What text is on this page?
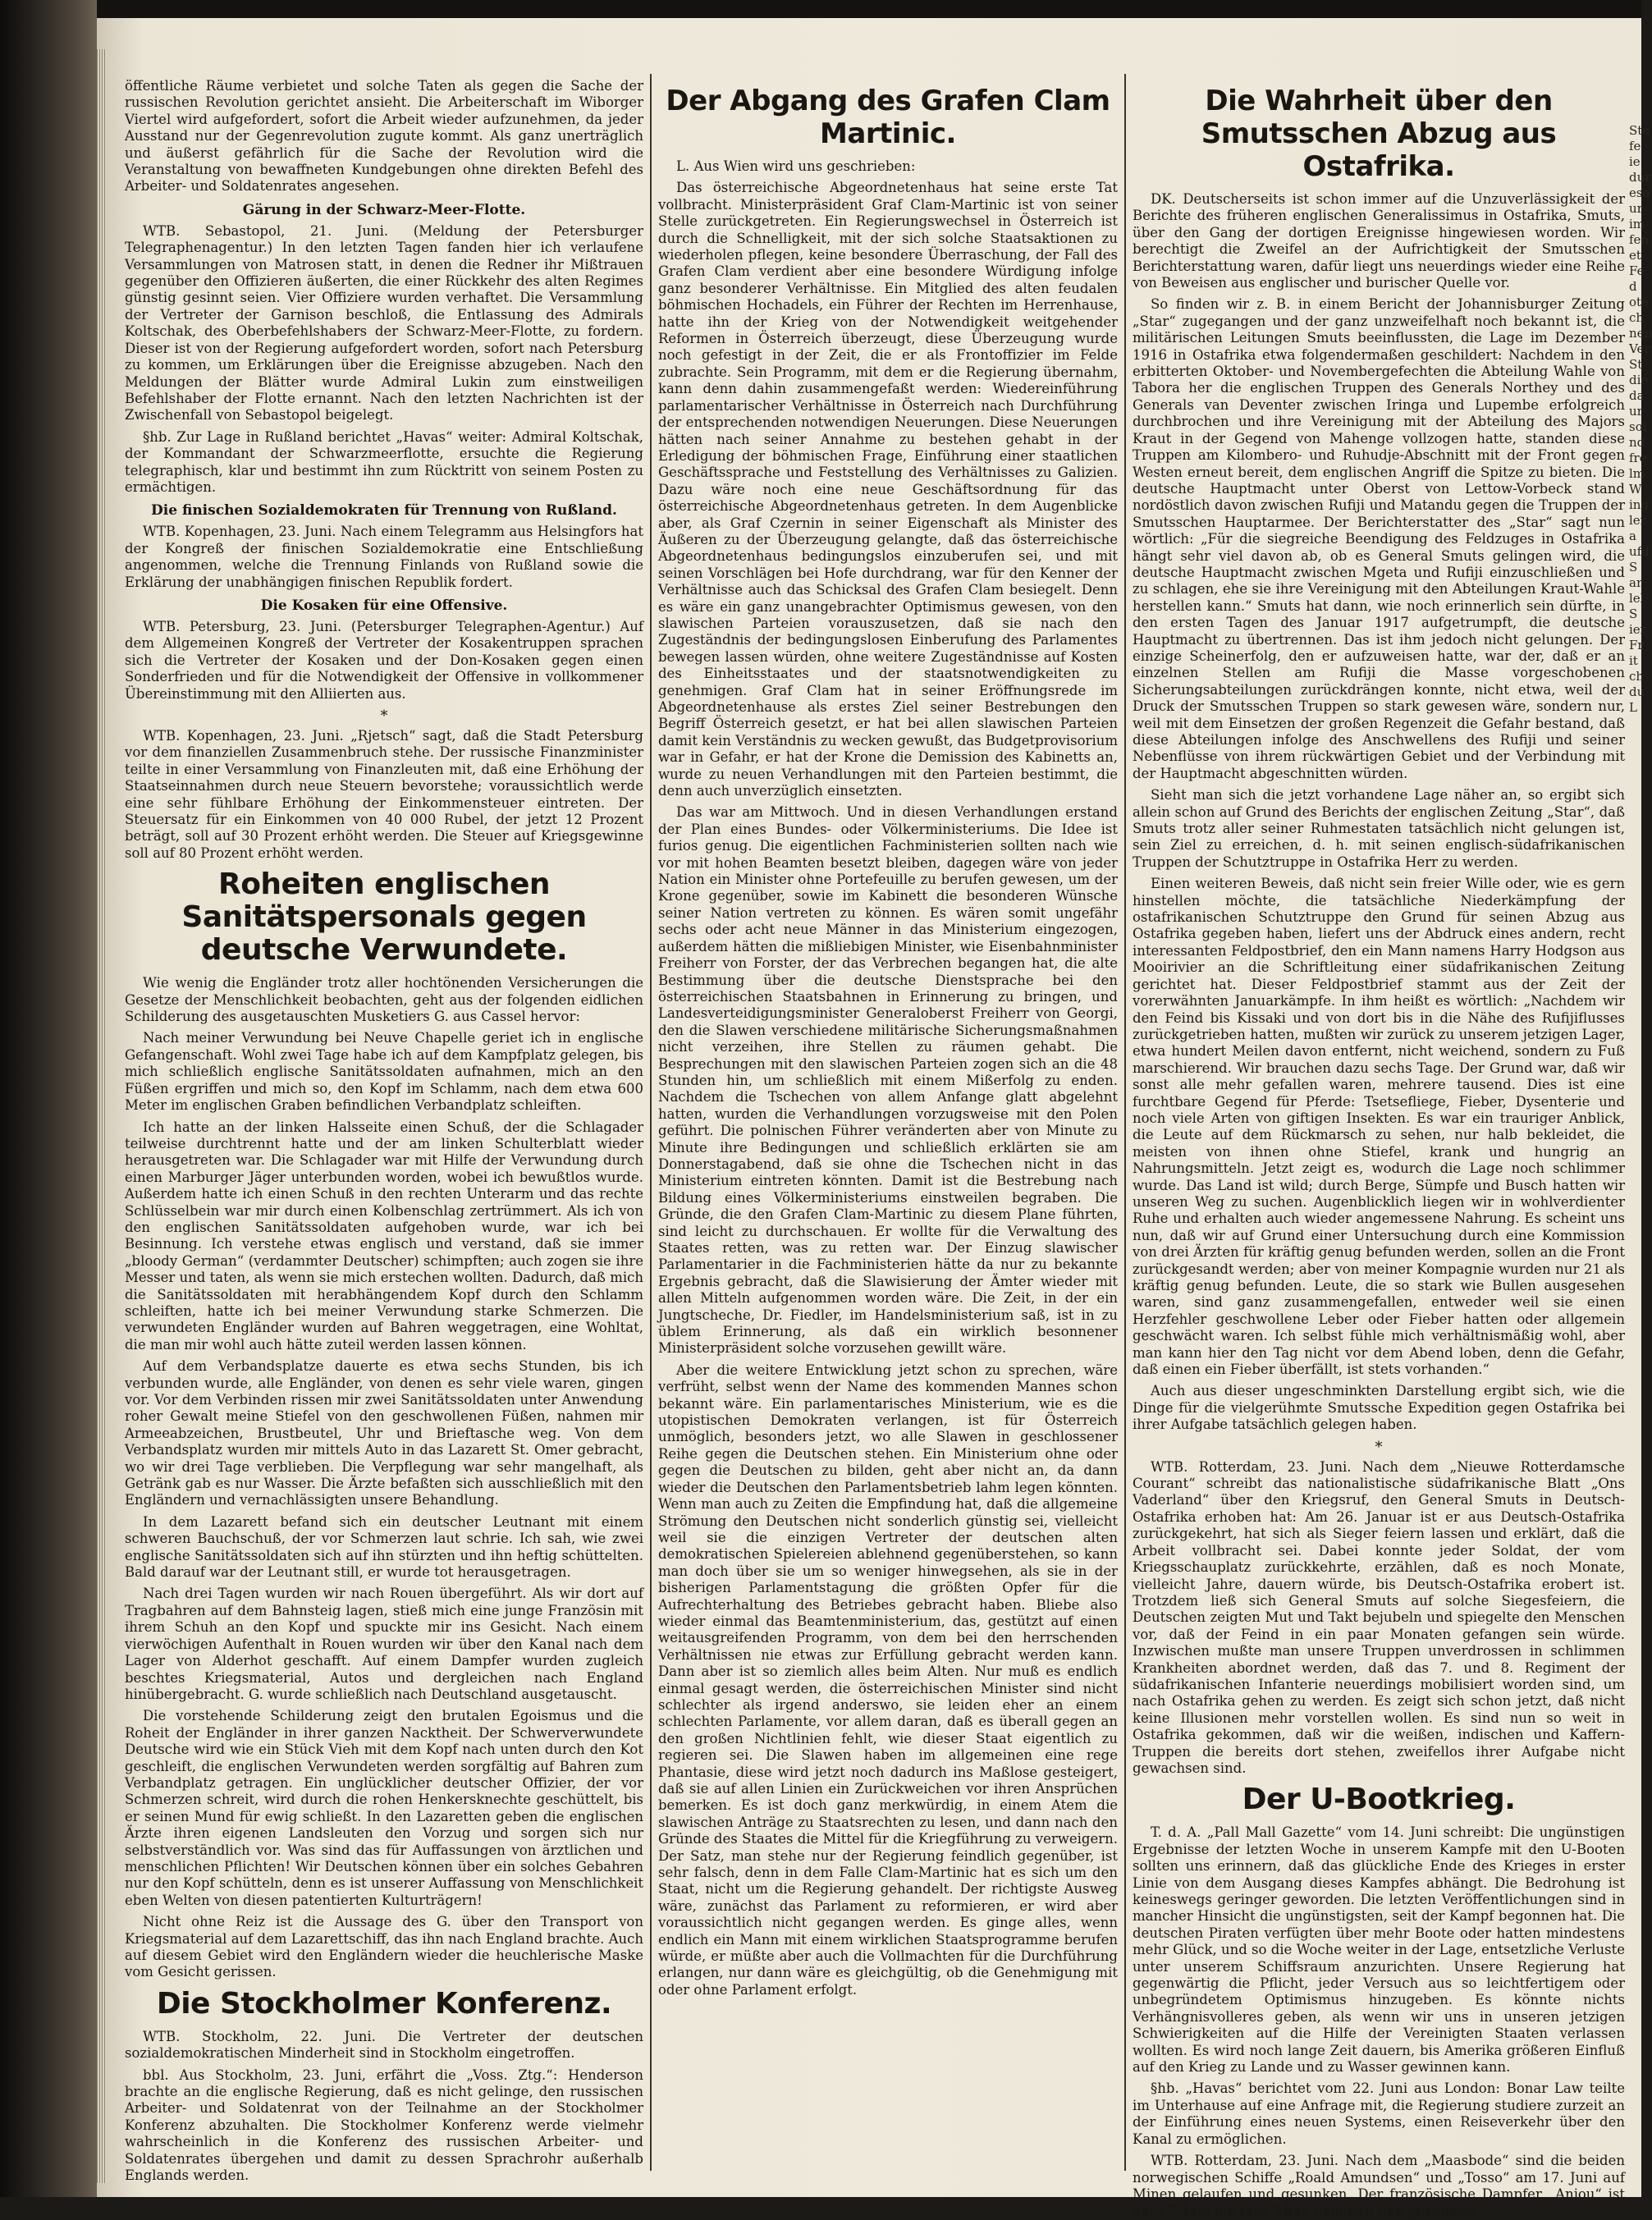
öffentliche Räume verbietet und solche Taten als gegen die Sache der russischen Revolution gerichtet ansieht. Die Arbeiterschaft im Wiborger Viertel wird aufgefordert, sofort die Arbeit wieder aufzunehmen, da jeder Ausstand nur der Gegenrevolution zugute kommt. Als ganz unerträglich und äußerst gefährlich für die Sache der Revolution wird die Veranstaltung von bewaffneten Kundgebungen ohne direkten Befehl des Arbeiter- und Soldatenrates angesehen.

Gärung in der Schwarz-Meer-Flotte.

WTB. Sebastopol, 21. Juni. (Meldung der Petersburger Telegraphenagentur.) In den letzten Tagen fanden hier ich verlaufene Versammlungen von Matrosen statt, in denen die Redner ihr Mißtrauen gegenüber den Offizieren äußerten, die einer Rückkehr des alten Regimes günstig gesinnt seien. Vier Offiziere wurden verhaftet. Die Versammlung der Vertreter der Garnison beschloß, die Entlassung des Admirals Koltschak, des Oberbefehlshabers der Schwarz-Meer-Flotte, zu fordern. Dieser ist von der Regierung aufgefordert worden, sofort nach Petersburg zu kommen, um Erklärungen über die Ereignisse abzugeben. Nach den Meldungen der Blätter wurde Admiral Lukin zum einstweiligen Befehlshaber der Flotte ernannt. Nach den letzten Nachrichten ist der Zwischenfall von Sebastopol beigelegt.

§hb. Zur Lage in Rußland berichtet „Havas“ weiter: Admiral Koltschak, der Kommandant der Schwarzmeerflotte, ersuchte die Regierung telegraphisch, klar und bestimmt ihn zum Rücktritt von seinem Posten zu ermächtigen.

Die finischen Sozialdemokraten für Trennung von Rußland.

WTB. Kopenhagen, 23. Juni. Nach einem Telegramm aus Helsingfors hat der Kongreß der finischen Sozialdemokratie eine Entschließung angenommen, welche die Trennung Finlands von Rußland sowie die Erklärung der unabhängigen finischen Republik fordert.

Die Kosaken für eine Offensive.

WTB. Petersburg, 23. Juni. (Petersburger Telegraphen-Agentur.) Auf dem Allgemeinen Kongreß der Vertreter der Kosakentruppen sprachen sich die Vertreter der Kosaken und der Don-Kosaken gegen einen Sonderfrieden und für die Notwendigkeit der Offensive in vollkommener Übereinstimmung mit den Alliierten aus.

*

WTB. Kopenhagen, 23. Juni. „Rjetsch“ sagt, daß die Stadt Petersburg vor dem finanziellen Zusammenbruch stehe. Der russische Finanzminister teilte in einer Versammlung von Finanzleuten mit, daß eine Erhöhung der Staatseinnahmen durch neue Steuern bevorstehe; voraussichtlich werde eine sehr fühlbare Erhöhung der Einkommensteuer eintreten. Der Steuersatz für ein Einkommen von 40 000 Rubel, der jetzt 12 Prozent beträgt, soll auf 30 Prozent erhöht werden. Die Steuer auf Kriegsgewinne soll auf 80 Prozent erhöht werden.

Roheiten englischen Sanitätspersonals gegen deutsche Verwundete.

Wie wenig die Engländer trotz aller hochtönenden Versicherungen die Gesetze der Menschlichkeit beobachten, geht aus der folgenden eidlichen Schilderung des ausgetauschten Musketiers G. aus Cassel hervor:

Nach meiner Verwundung bei Neuve Chapelle geriet ich in englische Gefangenschaft. Wohl zwei Tage habe ich auf dem Kampfplatz gelegen, bis mich schließlich englische Sanitätssoldaten aufnahmen, mich an den Füßen ergriffen und mich so, den Kopf im Schlamm, nach dem etwa 600 Meter im englischen Graben befindlichen Verbandplatz schleiften.

Ich hatte an der linken Halsseite einen Schuß, der die Schlagader teilweise durchtrennt hatte und der am linken Schulterblatt wieder herausgetreten war. Die Schlagader war mit Hilfe der Verwundung durch einen Marburger Jäger unterbunden worden, wobei ich bewußtlos wurde. Außerdem hatte ich einen Schuß in den rechten Unterarm und das rechte Schlüsselbein war mir durch einen Kolbenschlag zertrümmert. Als ich von den englischen Sanitätssoldaten aufgehoben wurde, war ich bei Besinnung. Ich verstehe etwas englisch und verstand, daß sie immer „bloody German“ (verdammter Deutscher) schimpften; auch zogen sie ihre Messer und taten, als wenn sie mich erstechen wollten. Dadurch, daß mich die Sanitätssoldaten mit herabhängendem Kopf durch den Schlamm schleiften, hatte ich bei meiner Verwundung starke Schmerzen. Die verwundeten Engländer wurden auf Bahren weggetragen, eine Wohltat, die man mir wohl auch hätte zuteil werden lassen können.

Auf dem Verbandsplatze dauerte es etwa sechs Stunden, bis ich verbunden wurde, alle Engländer, von denen es sehr viele waren, gingen vor. Vor dem Verbinden rissen mir zwei Sanitätssoldaten unter Anwendung roher Gewalt meine Stiefel von den geschwollenen Füßen, nahmen mir Armeeabzeichen, Brustbeutel, Uhr und Brieftasche weg. Von dem Verbandsplatz wurden mir mittels Auto in das Lazarett St. Omer gebracht, wo wir drei Tage verblieben. Die Verpflegung war sehr mangelhaft, als Getränk gab es nur Wasser. Die Ärzte befaßten sich ausschließlich mit den Engländern und vernachlässigten unsere Behandlung.

In dem Lazarett befand sich ein deutscher Leutnant mit einem schweren Bauchschuß, der vor Schmerzen laut schrie. Ich sah, wie zwei englische Sanitätssoldaten sich auf ihn stürzten und ihn heftig schüttelten. Bald darauf war der Leutnant still, er wurde tot herausgetragen.

Nach drei Tagen wurden wir nach Rouen übergeführt. Als wir dort auf Tragbahren auf dem Bahnsteig lagen, stieß mich eine junge Französin mit ihrem Schuh an den Kopf und spuckte mir ins Gesicht. Nach einem vierwöchigen Aufenthalt in Rouen wurden wir über den Kanal nach dem Lager von Alderhot geschafft. Auf einem Dampfer wurden zugleich beschtes Kriegsmaterial, Autos und dergleichen nach England hinübergebracht. G. wurde schließlich nach Deutschland ausgetauscht.

Die vorstehende Schilderung zeigt den brutalen Egoismus und die Roheit der Engländer in ihrer ganzen Nacktheit. Der Schwerverwundete Deutsche wird wie ein Stück Vieh mit dem Kopf nach unten durch den Kot geschleift, die englischen Verwundeten werden sorgfältig auf Bahren zum Verbandplatz getragen. Ein unglücklicher deutscher Offizier, der vor Schmerzen schreit, wird durch die rohen Henkersknechte geschüttelt, bis er seinen Mund für ewig schließt. In den Lazaretten geben die englischen Ärzte ihren eigenen Landsleuten den Vorzug und sorgen sich nur selbstverständlich vor. Was sind das für Auffassungen von ärztlichen und menschlichen Pflichten! Wir Deutschen können über ein solches Gebahren nur den Kopf schütteln, denn es ist unserer Auffassung von Menschlichkeit eben Welten von diesen patentierten Kulturträgern!

Nicht ohne Reiz ist die Aussage des G. über den Transport von Kriegsmaterial auf dem Lazarettschiff, das ihn nach England brachte. Auch auf diesem Gebiet wird den Engländern wieder die heuchlerische Maske vom Gesicht gerissen.

Die Stockholmer Konferenz.

WTB. Stockholm, 22. Juni. Die Vertreter der deutschen sozialdemokratischen Minderheit sind in Stockholm eingetroffen.

bbl. Aus Stockholm, 23. Juni, erfährt die „Voss. Ztg.“: Henderson brachte an die englische Regierung, daß es nicht gelinge, den russischen Arbeiter- und Soldatenrat von der Teilnahme an der Stockholmer Konferenz abzuhalten. Die Stockholmer Konferenz werde vielmehr wahrscheinlich in die Konferenz des russischen Arbeiter- und Soldatenrates übergehen und damit zu dessen Sprachrohr außerhalb Englands werden.

Der Abgang des Grafen Clam Martinic.

L. Aus Wien wird uns geschrieben:

Das österreichische Abgeordnetenhaus hat seine erste Tat vollbracht. Ministerpräsident Graf Clam-Martinic ist von seiner Stelle zurückgetreten. Ein Regierungswechsel in Österreich ist durch die Schnelligkeit, mit der sich solche Staatsaktionen zu wiederholen pflegen, keine besondere Überraschung, der Fall des Grafen Clam verdient aber eine besondere Würdigung infolge ganz besonderer Verhältnisse. Ein Mitglied des alten feudalen böhmischen Hochadels, ein Führer der Rechten im Herrenhause, hatte ihn der Krieg von der Notwendigkeit weitgehender Reformen in Österreich überzeugt, diese Überzeugung wurde noch gefestigt in der Zeit, die er als Frontoffizier im Felde zubrachte. Sein Programm, mit dem er die Regierung übernahm, kann denn dahin zusammengefaßt werden: Wiedereinführung parlamentarischer Verhältnisse in Österreich nach Durchführung der entsprechenden notwendigen Neuerungen. Diese Neuerungen hätten nach seiner Annahme zu bestehen gehabt in der Erledigung der böhmischen Frage, Einführung einer staatlichen Geschäftssprache und Feststellung des Verhältnisses zu Galizien. Dazu wäre noch eine neue Geschäftsordnung für das österreichische Abgeordnetenhaus getreten. In dem Augenblicke aber, als Graf Czernin in seiner Eigenschaft als Minister des Äußeren zu der Überzeugung gelangte, daß das österreichische Abgeordnetenhaus bedingungslos einzuberufen sei, und mit seinen Vorschlägen bei Hofe durchdrang, war für den Kenner der Verhältnisse auch das Schicksal des Grafen Clam besiegelt. Denn es wäre ein ganz unangebrachter Optimismus gewesen, von den slawischen Parteien vorauszusetzen, daß sie nach den Zugeständnis der bedingungslosen Einberufung des Parlamentes bewegen lassen würden, ohne weitere Zugeständnisse auf Kosten des Einheitsstaates und der staatsnotwendigkeiten zu genehmigen. Graf Clam hat in seiner Eröffnungsrede im Abgeordnetenhause als erstes Ziel seiner Bestrebungen den Begriff Österreich gesetzt, er hat bei allen slawischen Parteien damit kein Verständnis zu wecken gewußt, das Budgetprovisorium war in Gefahr, er hat der Krone die Demission des Kabinetts an, wurde zu neuen Verhandlungen mit den Parteien bestimmt, die denn auch unverzüglich einsetzten.

Das war am Mittwoch. Und in diesen Verhandlungen erstand der Plan eines Bundes- oder Völkerministeriums. Die Idee ist furios genug. Die eigentlichen Fachministerien sollten nach wie vor mit hohen Beamten besetzt bleiben, dagegen wäre von jeder Nation ein Minister ohne Portefeuille zu berufen gewesen, um der Krone gegenüber, sowie im Kabinett die besonderen Wünsche seiner Nation vertreten zu können. Es wären somit ungefähr sechs oder acht neue Männer in das Ministerium eingezogen, außerdem hätten die mißliebigen Minister, wie Eisenbahnminister Freiherr von Forster, der das Verbrechen begangen hat, die alte Bestimmung über die deutsche Dienstsprache bei den österreichischen Staatsbahnen in Erinnerung zu bringen, und Landesverteidigungsminister Generaloberst Freiherr von Georgi, den die Slawen verschiedene militärische Sicherungsmaßnahmen nicht verzeihen, ihre Stellen zu räumen gehabt. Die Besprechungen mit den slawischen Parteien zogen sich an die 48 Stunden hin, um schließlich mit einem Mißerfolg zu enden. Nachdem die Tschechen von allem Anfange glatt abgelehnt hatten, wurden die Verhandlungen vorzugsweise mit den Polen geführt. Die polnischen Führer veränderten aber von Minute zu Minute ihre Bedingungen und schließlich erklärten sie am Donnerstagabend, daß sie ohne die Tschechen nicht in das Ministerium eintreten könnten. Damit ist die Bestrebung nach Bildung eines Völkerministeriums einstweilen begraben. Die Gründe, die den Grafen Clam-Martinic zu diesem Plane führten, sind leicht zu durchschauen. Er wollte für die Verwaltung des Staates retten, was zu retten war. Der Einzug slawischer Parlamentarier in die Fachministerien hätte da nur zu bekannte Ergebnis gebracht, daß die Slawisierung der Ämter wieder mit allen Mitteln aufgenommen worden wäre. Die Zeit, in der ein Jungtscheche, Dr. Fiedler, im Handelsministerium saß, ist in zu üblem Erinnerung, als daß ein wirklich besonnener Ministerpräsident solche vorzusehen gewillt wäre.

Aber die weitere Entwicklung jetzt schon zu sprechen, wäre verfrüht, selbst wenn der Name des kommenden Mannes schon bekannt wäre. Ein parlamentarisches Ministerium, wie es die utopistischen Demokraten verlangen, ist für Österreich unmöglich, besonders jetzt, wo alle Slawen in geschlossener Reihe gegen die Deutschen stehen. Ein Ministerium ohne oder gegen die Deutschen zu bilden, geht aber nicht an, da dann wieder die Deutschen den Parlamentsbetrieb lahm legen könnten. Wenn man auch zu Zeiten die Empfindung hat, daß die allgemeine Strömung den Deutschen nicht sonderlich günstig sei, vielleicht weil sie die einzigen Vertreter der deutschen alten demokratischen Spielereien ablehnend gegenüberstehen, so kann man doch über sie um so weniger hinwegsehen, als sie in der bisherigen Parlamentstagung die größten Opfer für die Aufrechterhaltung des Betriebes gebracht haben. Bliebe also wieder einmal das Beamtenministerium, das, gestützt auf einen weitausgreifenden Programm, von dem bei den herrschenden Verhältnissen nie etwas zur Erfüllung gebracht werden kann. Dann aber ist so ziemlich alles beim Alten. Nur muß es endlich einmal gesagt werden, die österreichischen Minister sind nicht schlechter als irgend anderswo, sie leiden eher an einem schlechten Parlamente, vor allem daran, daß es überall gegen an den großen Nichtlinien fehlt, wie dieser Staat eigentlich zu regieren sei. Die Slawen haben im allgemeinen eine rege Phantasie, diese wird jetzt noch dadurch ins Maßlose gesteigert, daß sie auf allen Linien ein Zurückweichen vor ihren Ansprüchen bemerken. Es ist doch ganz merkwürdig, in einem Atem die slawischen Anträge zu Staatsrechten zu lesen, und dann nach den Gründe des Staates die Mittel für die Kriegführung zu verweigern. Der Satz, man stehe nur der Regierung feindlich gegenüber, ist sehr falsch, denn in dem Falle Clam-Martinic hat es sich um den Staat, nicht um die Regierung gehandelt. Der richtigste Ausweg wäre, zunächst das Parlament zu reformieren, er wird aber voraussichtlich nicht gegangen werden. Es ginge alles, wenn endlich ein Mann mit einem wirklichen Staatsprogramme berufen würde, er müßte aber auch die Vollmachten für die Durchführung erlangen, nur dann wäre es gleichgültig, ob die Genehmigung mit oder ohne Parlament erfolgt.

Die Wahrheit über den Smutsschen Abzug aus Ostafrika.

DK. Deutscherseits ist schon immer auf die Unzuverlässigkeit der Berichte des früheren englischen Generalissimus in Ostafrika, Smuts, über den Gang der dortigen Ereignisse hingewiesen worden. Wir berechtigt die Zweifel an der Aufrichtigkeit der Smutsschen Berichterstattung waren, dafür liegt uns neuerdings wieder eine Reihe von Beweisen aus englischer und burischer Quelle vor.

So finden wir z. B. in einem Bericht der Johannisburger Zeitung „Star“ zugegangen und der ganz unzweifelhaft noch bekannt ist, die militärischen Leitungen Smuts beeinflussten, die Lage im Dezember 1916 in Ostafrika etwa folgendermaßen geschildert: Nachdem in den erbitterten Oktober- und Novembergefechten die Abteilung Wahle von Tabora her die englischen Truppen des Generals Northey und des Generals van Deventer zwischen Iringa und Lupembe erfolgreich durchbrochen und ihre Vereinigung mit der Abteilung des Majors Kraut in der Gegend von Mahenge vollzogen hatte, standen diese Truppen am Kilombero- und Ruhudje-Abschnitt mit der Front gegen Westen erneut bereit, dem englischen Angriff die Spitze zu bieten. Die deutsche Hauptmacht unter Oberst von Lettow-Vorbeck stand nordöstlich davon zwischen Rufiji und Matandu gegen die Truppen der Smutsschen Hauptarmee. Der Berichterstatter des „Star“ sagt nun wörtlich: „Für die siegreiche Beendigung des Feldzuges in Ostafrika hängt sehr viel davon ab, ob es General Smuts gelingen wird, die deutsche Hauptmacht zwischen Mgeta und Rufiji einzuschließen und zu schlagen, ehe sie ihre Vereinigung mit den Abteilungen Kraut-Wahle herstellen kann.“ Smuts hat dann, wie noch erinnerlich sein dürfte, in den ersten Tagen des Januar 1917 aufgetrumpft, die deutsche Hauptmacht zu übertrennen. Das ist ihm jedoch nicht gelungen. Der einzige Scheinerfolg, den er aufzuweisen hatte, war der, daß er an einzelnen Stellen am Rufiji die Masse vorgeschobenen Sicherungsabteilungen zurückdrängen konnte, nicht etwa, weil der Druck der Smutsschen Truppen so stark gewesen wäre, sondern nur, weil mit dem Einsetzen der großen Regenzeit die Gefahr bestand, daß diese Abteilungen infolge des Anschwellens des Rufiji und seiner Nebenflüsse von ihrem rückwärtigen Gebiet und der Verbindung mit der Hauptmacht abgeschnitten würden.

Sieht man sich die jetzt vorhandene Lage näher an, so ergibt sich allein schon auf Grund des Berichts der englischen Zeitung „Star“, daß Smuts trotz aller seiner Ruhmestaten tatsächlich nicht gelungen ist, sein Ziel zu erreichen, d. h. mit seinen englisch-südafrikanischen Truppen der Schutztruppe in Ostafrika Herr zu werden.

Einen weiteren Beweis, daß nicht sein freier Wille oder, wie es gern hinstellen möchte, die tatsächliche Niederkämpfung der ostafrikanischen Schutztruppe den Grund für seinen Abzug aus Ostafrika gegeben haben, liefert uns der Abdruck eines andern, recht interessanten Feldpostbrief, den ein Mann namens Harry Hodgson aus Mooirivier an die Schriftleitung einer südafrikanischen Zeitung gerichtet hat. Dieser Feldpostbrief stammt aus der Zeit der vorerwähnten Januarkämpfe. In ihm heißt es wörtlich: „Nachdem wir den Feind bis Kissaki und von dort bis in die Nähe des Rufijiflusses zurückgetrieben hatten, mußten wir zurück zu unserem jetzigen Lager, etwa hundert Meilen davon entfernt, nicht weichend, sondern zu Fuß marschierend. Wir brauchen dazu sechs Tage. Der Grund war, daß wir sonst alle mehr gefallen waren, mehrere tausend. Dies ist eine furchtbare Gegend für Pferde: Tsetsefliege, Fieber, Dysenterie und noch viele Arten von giftigen Insekten. Es war ein trauriger Anblick, die Leute auf dem Rückmarsch zu sehen, nur halb bekleidet, die meisten von ihnen ohne Stiefel, krank und hungrig an Nahrungsmitteln. Jetzt zeigt es, wodurch die Lage noch schlimmer wurde. Das Land ist wild; durch Berge, Sümpfe und Busch hatten wir unseren Weg zu suchen. Augenblicklich liegen wir in wohlverdienter Ruhe und erhalten auch wieder angemessene Nahrung. Es scheint uns nun, daß wir auf Grund einer Untersuchung durch eine Kommission von drei Ärzten für kräftig genug befunden werden, sollen an die Front zurückgesandt werden; aber von meiner Kompagnie wurden nur 21 als kräftig genug befunden. Leute, die so stark wie Bullen ausgesehen waren, sind ganz zusammengefallen, entweder weil sie einen Herzfehler geschwollene Leber oder Fieber hatten oder allgemein geschwächt waren. Ich selbst fühle mich verhältnismäßig wohl, aber man kann hier den Tag nicht vor dem Abend loben, denn die Gefahr, daß einen ein Fieber überfällt, ist stets vorhanden.“

Auch aus dieser ungeschminkten Darstellung ergibt sich, wie die Dinge für die vielgerühmte Smutssche Expedition gegen Ostafrika bei ihrer Aufgabe tatsächlich gelegen haben.

*

WTB. Rotterdam, 23. Juni. Nach dem „Nieuwe Rotterdamsche Courant“ schreibt das nationalistische südafrikanische Blatt „Ons Vaderland“ über den Kriegsruf, den General Smuts in Deutsch-Ostafrika erhoben hat: Am 26. Januar ist er aus Deutsch-Ostafrika zurückgekehrt, hat sich als Sieger feiern lassen und erklärt, daß die Arbeit vollbracht sei. Dabei konnte jeder Soldat, der vom Kriegsschauplatz zurückkehrte, erzählen, daß es noch Monate, vielleicht Jahre, dauern würde, bis Deutsch-Ostafrika erobert ist. Trotzdem ließ sich General Smuts auf solche Siegesfeiern, die Deutschen zeigten Mut und Takt bejubeln und spiegelte den Menschen vor, daß der Feind in ein paar Monaten gefangen sein würde. Inzwischen mußte man unsere Truppen unverdrossen in schlimmen Krankheiten abordnet werden, daß das 7. und 8. Regiment der südafrikanischen Infanterie neuerdings mobilisiert worden sind, um nach Ostafrika gehen zu werden. Es zeigt sich schon jetzt, daß nicht keine Illusionen mehr vorstellen wollen. Es sind nun so weit in Ostafrika gekommen, daß wir die weißen, indischen und Kaffern-Truppen die bereits dort stehen, zweifellos ihrer Aufgabe nicht gewachsen sind.

Der U-Bootkrieg.

T. d. A. „Pall Mall Gazette“ vom 14. Juni schreibt: Die ungünstigen Ergebnisse der letzten Woche in unserem Kampfe mit den U-Booten sollten uns erinnern, daß das glückliche Ende des Krieges in erster Linie von dem Ausgang dieses Kampfes abhängt. Die Bedrohung ist keineswegs geringer geworden. Die letzten Veröffentlichungen sind in mancher Hinsicht die ungünstigsten, seit der Kampf begonnen hat. Die deutschen Piraten verfügten über mehr Boote oder hatten mindestens mehr Glück, und so die Woche weiter in der Lage, entsetzliche Verluste unter unserem Schiffsraum anzurichten. Unsere Regierung hat gegenwärtig die Pflicht, jeder Versuch aus so leichtfertigem oder unbegründetem Optimismus hinzugeben. Es könnte nichts Verhängnisvolleres geben, als wenn wir uns in unseren jetzigen Schwierigkeiten auf die Hilfe der Vereinigten Staaten verlassen wollten. Es wird noch lange Zeit dauern, bis Amerika größeren Einfluß auf den Krieg zu Lande und zu Wasser gewinnen kann.

§hb. „Havas“ berichtet vom 22. Juni aus London: Bonar Law teilte im Unterhause auf eine Anfrage mit, die Regierung studiere zurzeit an der Einführung eines neuen Systems, einen Reiseverkehr über den Kanal zu ermöglichen.

WTB. Rotterdam, 23. Juni. Nach dem „Maasbode“ sind die beiden norwegischen Schiffe „Roald Amundsen“ und „Tosso“ am 17. Juni auf Minen gelaufen und gesunken. Der französische Dampfer „Anjou“ ist am 17. Juni auf eine Mine gelaufen und gesunken.

Ste
fe
ie
dur
ese
ur
im
fen
et
Fe
d
ote
ch
nen
Ver
St
die
da
ur
sol
nd
fre
lm
W
ing
ler
a
ufd
S
ar
lel
S
ier
Fr
it
ch
du
L
